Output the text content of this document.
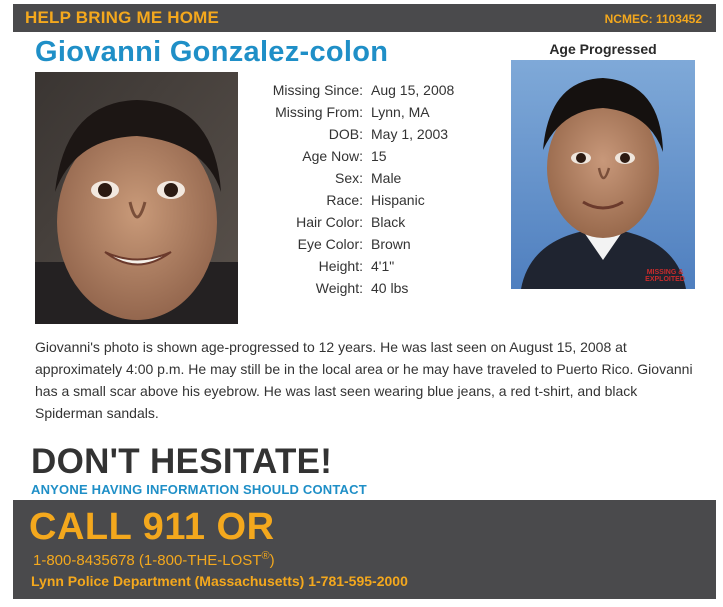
HELP BRING ME HOME	NCMEC: 1103452
Giovanni Gonzalez-colon	Age Progressed
MISSING & EXPLOITED
Missing Since: Aug 15, 2008
Missing From: Lynn, MA
DOB: May 1, 2003
Age Now: 15
Sex: Male
Race: Hispanic
Hair Color: Black
Eye Color: Brown
Height: 4'1"
Weight: 40 lbs
Giovanni's photo is shown age-progressed to 12 years. He was last seen on August 15, 2008 at approximately 4:00 p.m. He may still be in the local area or he may have traveled to Puerto Rico. Giovanni has a small scar above his eyebrow. He was last seen wearing blue jeans, a red t-shirt, and black Spiderman sandals.
DON'T HESITATE!
ANYONE HAVING INFORMATION SHOULD CONTACT
CALL 911 OR
1-800-8435678 (1-800-THE-LOST®)
Lynn Police Department (Massachusetts) 1-781-595-2000
